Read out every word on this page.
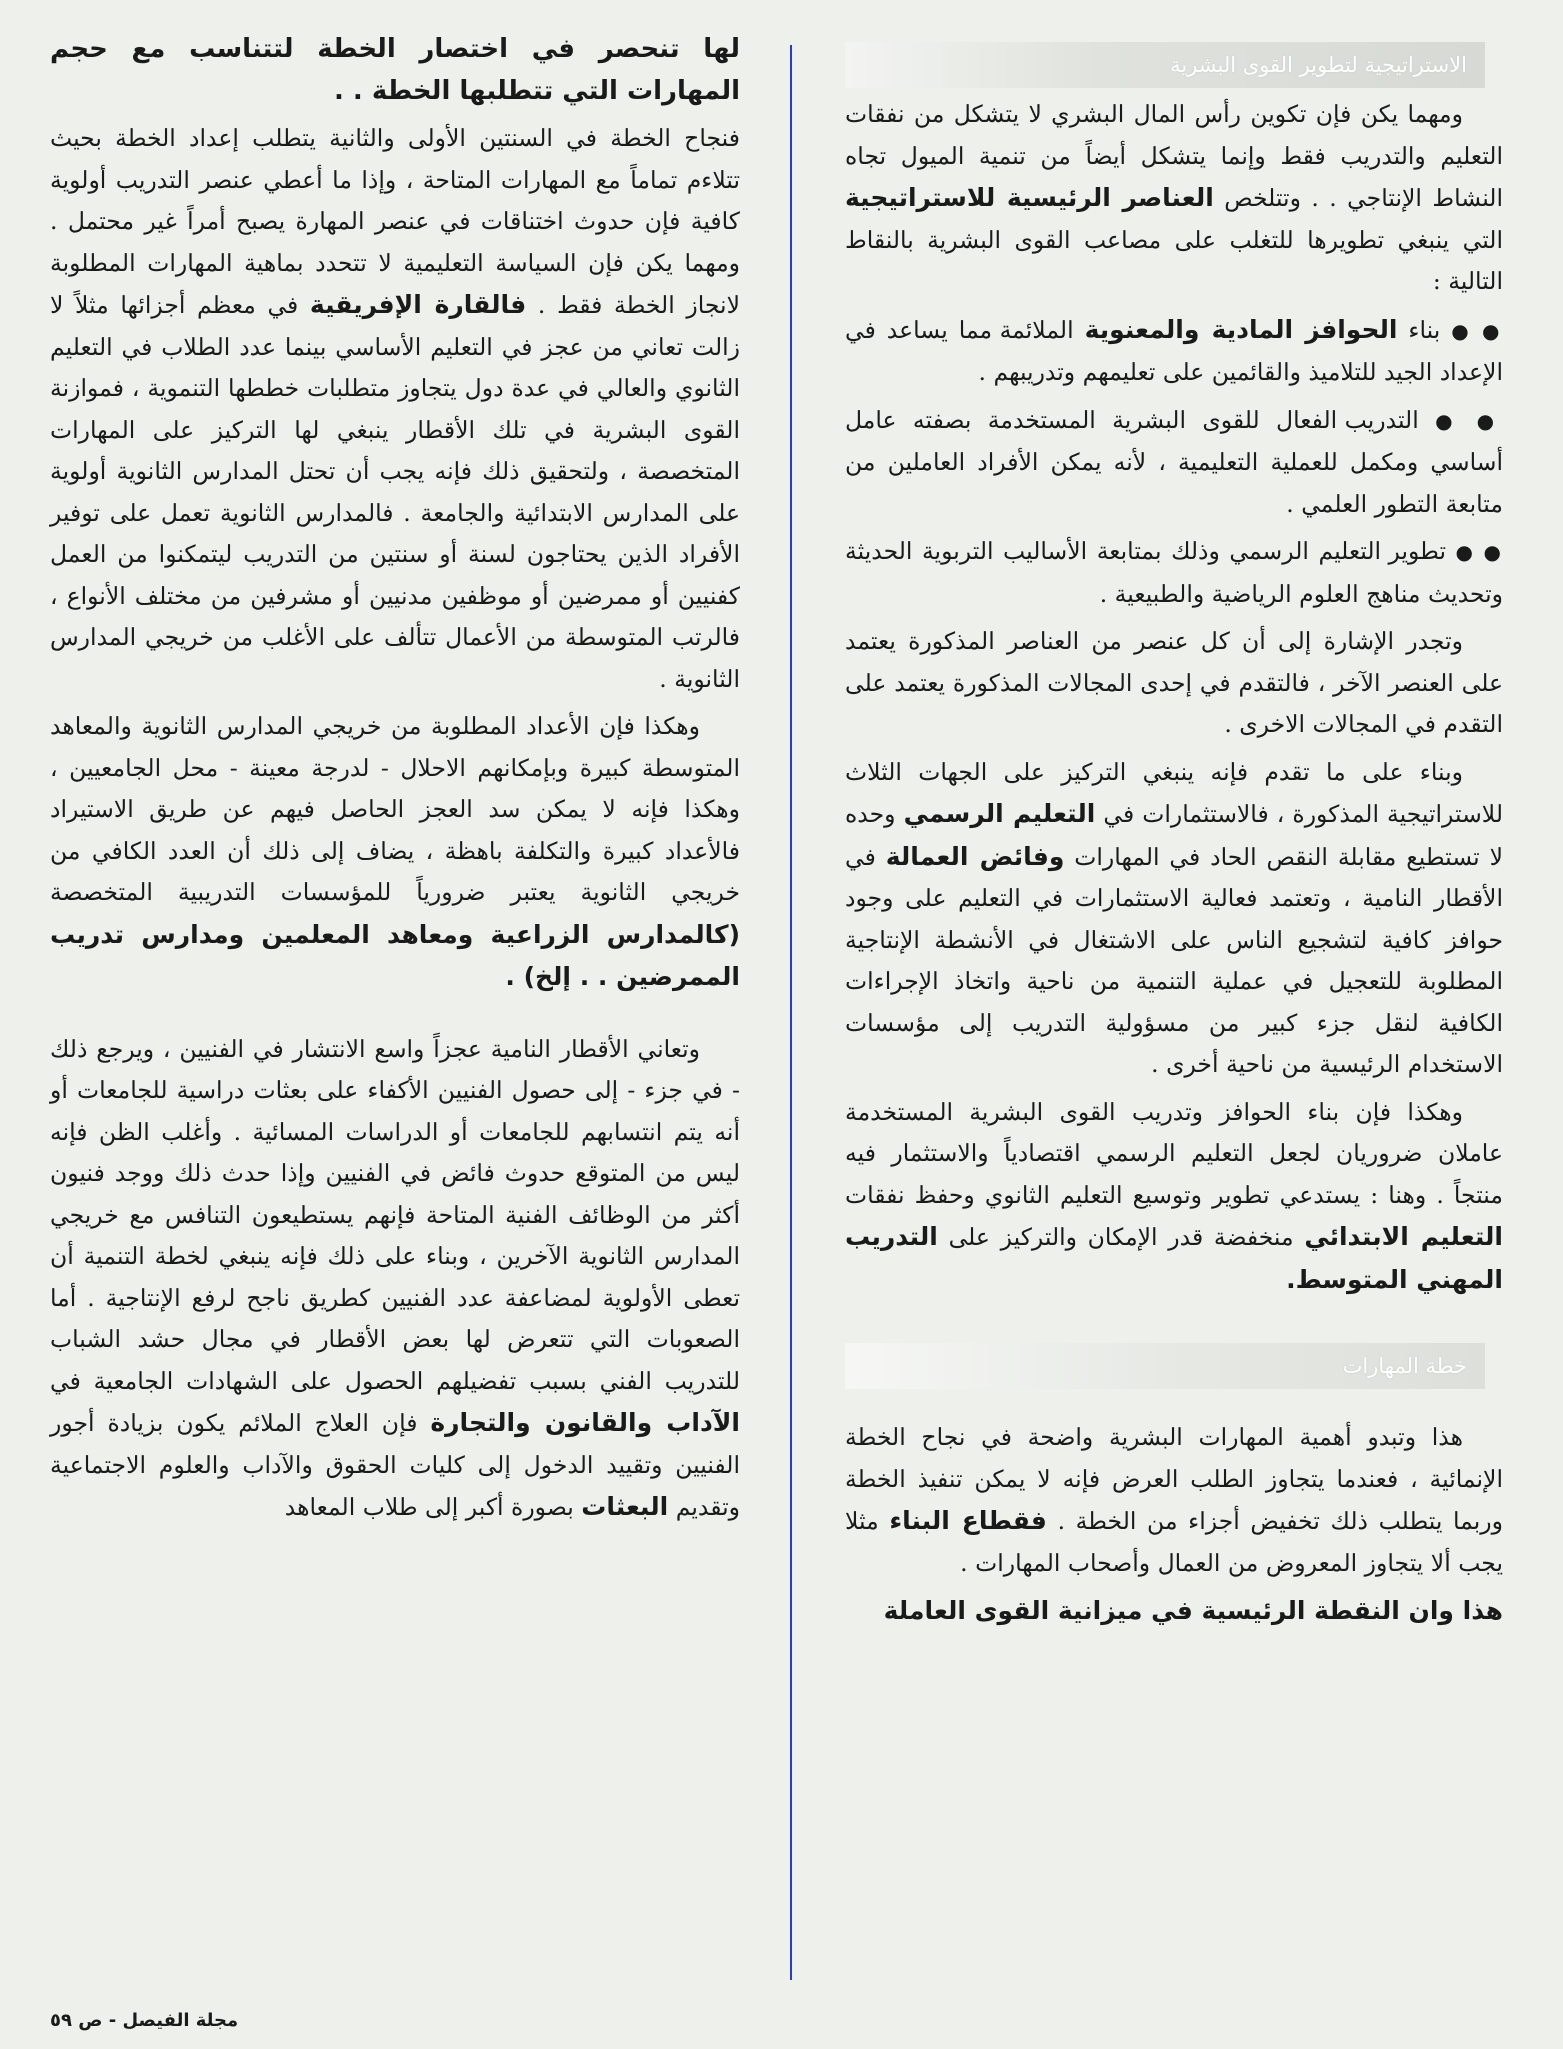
الاستراتيجية لتطوير القوى البشرية

ومهما يكن فإن تكوين رأس المال البشري لا يتشكل من نفقات التعليم والتدريب فقط وإنما يتشكل أيضاً من تنمية الميول تجاه النشاط الإنتاجي . . وتتلخص العناصر الرئيسية للاستراتيجية التي ينبغي تطويرها للتغلب على مصاعب القوى البشرية بالنقاط التالية :

● ● بناء الحوافز المادية والمعنوية الملائمة مما يساعد في الإعداد الجيد للتلاميذ والقائمين على تعليمهم وتدريبهم .

● ● التدريب الفعال للقوى البشرية المستخدمة بصفته عامل أساسي ومكمل للعملية التعليمية ، لأنه يمكن الأفراد العاملين من متابعة التطور العلمي .

● ● تطوير التعليم الرسمي وذلك بمتابعة الأساليب التربوية الحديثة وتحديث مناهج العلوم الرياضية والطبيعية .

وتجدر الإشارة إلى أن كل عنصر من العناصر المذكورة يعتمد على العنصر الآخر ، فالتقدم في إحدى المجالات المذكورة يعتمد على التقدم في المجالات الاخرى .

وبناء على ما تقدم فإنه ينبغي التركيز على الجهات الثلاث للاستراتيجية المذكورة ، فالاستثمارات في التعليم الرسمي وحده لا تستطيع مقابلة النقص الحاد في المهارات وفائض العمالة في الأقطار النامية ، وتعتمد فعالية الاستثمارات في التعليم على وجود حوافز كافية لتشجيع الناس على الاشتغال في الأنشطة الإنتاجية المطلوبة للتعجيل في عملية التنمية من ناحية واتخاذ الإجراءات الكافية لنقل جزء كبير من مسؤولية التدريب إلى مؤسسات الاستخدام الرئيسية من ناحية أخرى .

وهكذا فإن بناء الحوافز وتدريب القوى البشرية المستخدمة عاملان ضروريان لجعل التعليم الرسمي اقتصادياً والاستثمار فيه منتجاً . وهنا : يستدعي تطوير وتوسيع التعليم الثانوي وحفظ نفقات التعليم الابتدائي منخفضة قدر الإمكان والتركيز على التدريب المهني المتوسط.

خطة المهارات

هذا وتبدو أهمية المهارات البشرية واضحة في نجاح الخطة الإنمائية ، فعندما يتجاوز الطلب العرض فإنه لا يمكن تنفيذ الخطة وربما يتطلب ذلك تخفيض أجزاء من الخطة . فقطاع البناء مثلا يجب ألا يتجاوز المعروض من العمال وأصحاب المهارات .

هذا وان النقطة الرئيسية في ميزانية القوى العاملة

لها تنحصر في اختصار الخطة لتتناسب مع حجم المهارات التي تتطلبها الخطة . .

فنجاح الخطة في السنتين الأولى والثانية يتطلب إعداد الخطة بحيث تتلاءم تماماً مع المهارات المتاحة ، وإذا ما أعطي عنصر التدريب أولوية كافية فإن حدوث اختناقات في عنصر المهارة يصبح أمراً غير محتمل . ومهما يكن فإن السياسة التعليمية لا تتحدد بماهية المهارات المطلوبة لانجاز الخطة فقط . فالقارة الإفريقية في معظم أجزائها مثلاً لا زالت تعاني من عجز في التعليم الأساسي بينما عدد الطلاب في التعليم الثانوي والعالي في عدة دول يتجاوز متطلبات خططها التنموية ، فموازنة القوى البشرية في تلك الأقطار ينبغي لها التركيز على المهارات المتخصصة ، ولتحقيق ذلك فإنه يجب أن تحتل المدارس الثانوية أولوية على المدارس الابتدائية والجامعة . فالمدارس الثانوية تعمل على توفير الأفراد الذين يحتاجون لسنة أو سنتين من التدريب ليتمكنوا من العمل كفنيين أو ممرضين أو موظفين مدنيين أو مشرفين من مختلف الأنواع ، فالرتب المتوسطة من الأعمال تتألف على الأغلب من خريجي المدارس الثانوية .

وهكذا فإن الأعداد المطلوبة من خريجي المدارس الثانوية والمعاهد المتوسطة كبيرة وبإمكانهم الاحلال - لدرجة معينة - محل الجامعيين ، وهكذا فإنه لا يمكن سد العجز الحاصل فيهم عن طريق الاستيراد فالأعداد كبيرة والتكلفة باهظة ، يضاف إلى ذلك أن العدد الكافي من خريجي الثانوية يعتبر ضرورياً للمؤسسات التدريبية المتخصصة (كالمدارس الزراعية ومعاهد المعلمين ومدارس تدريب الممرضين . . إلخ) .

وتعاني الأقطار النامية عجزاً واسع الانتشار في الفنيين ، ويرجع ذلك - في جزء - إلى حصول الفنيين الأكفاء على بعثات دراسية للجامعات أو أنه يتم انتسابهم للجامعات أو الدراسات المسائية . وأغلب الظن فإنه ليس من المتوقع حدوث فائض في الفنيين وإذا حدث ذلك ووجد فنيون أكثر من الوظائف الفنية المتاحة فإنهم يستطيعون التنافس مع خريجي المدارس الثانوية الآخرين ، وبناء على ذلك فإنه ينبغي لخطة التنمية أن تعطى الأولوية لمضاعفة عدد الفنيين كطريق ناجح لرفع الإنتاجية . أما الصعوبات التي تتعرض لها بعض الأقطار في مجال حشد الشباب للتدريب الفني بسبب تفضيلهم الحصول على الشهادات الجامعية في الآداب والقانون والتجارة فإن العلاج الملائم يكون بزيادة أجور الفنيين وتقييد الدخول إلى كليات الحقوق والآداب والعلوم الاجتماعية وتقديم البعثات بصورة أكبر إلى طلاب المعاهد

مجلة الفيصل - ص ٥٩
